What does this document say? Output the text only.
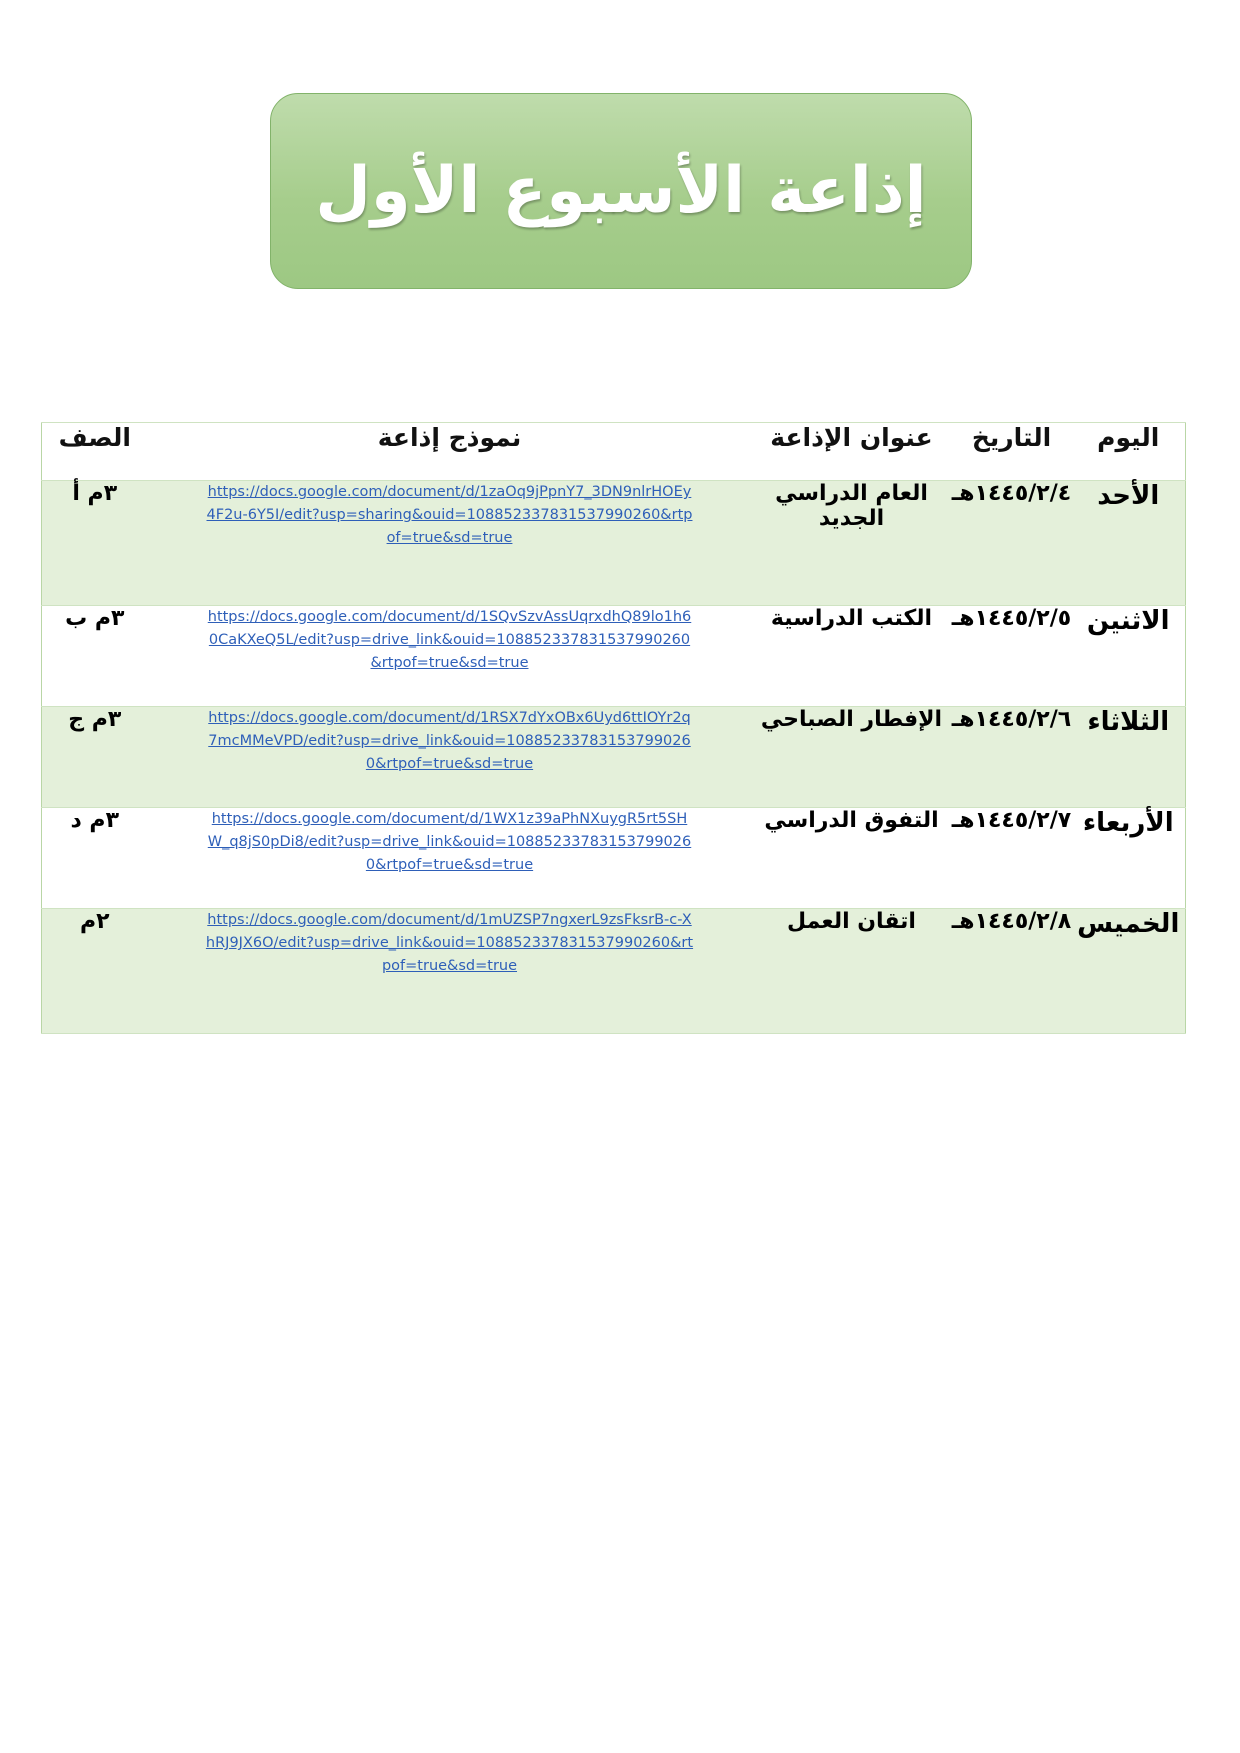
إذاعة الأسبوع الأول
اليوم	التاريخ	عنوان الإذاعة	نموذج إذاعة	الصف
الأحد	١٤٤٥/٢/٤هـ	العام الدراسي الجديد	https://docs.google.com/document/d/1zaOq9jPpnY7_3DN9nlrHOEy4F2u-6Y5I/edit?usp=sharing&ouid=108852337831537990260&rtpof=true&sd=true	٣م أ
الاثنين	١٤٤٥/٢/٥هـ	الكتب الدراسية	https://docs.google.com/document/d/1SQvSzvAssUqrxdhQ89lo1h60CaKXeQ5L/edit?usp=drive_link&ouid=108852337831537990260&rtpof=true&sd=true	٣م ب
الثلاثاء	١٤٤٥/٢/٦هـ	الإفطار الصباحي	https://docs.google.com/document/d/1RSX7dYxOBx6Uyd6ttIOYr2q7mcMMeVPD/edit?usp=drive_link&ouid=108852337831537990260&rtpof=true&sd=true	٣م ج
الأربعاء	١٤٤٥/٢/٧هـ	التفوق الدراسي	https://docs.google.com/document/d/1WX1z39aPhNXuygR5rt5SHW_q8jS0pDi8/edit?usp=drive_link&ouid=108852337831537990260&rtpof=true&sd=true	٣م د
الخميس	١٤٤٥/٢/٨هـ	اتقان العمل	https://docs.google.com/document/d/1mUZSP7ngxerL9zsFksrB-c-XhRJ9JX6O/edit?usp=drive_link&ouid=108852337831537990260&rtpof=true&sd=true	٢م
